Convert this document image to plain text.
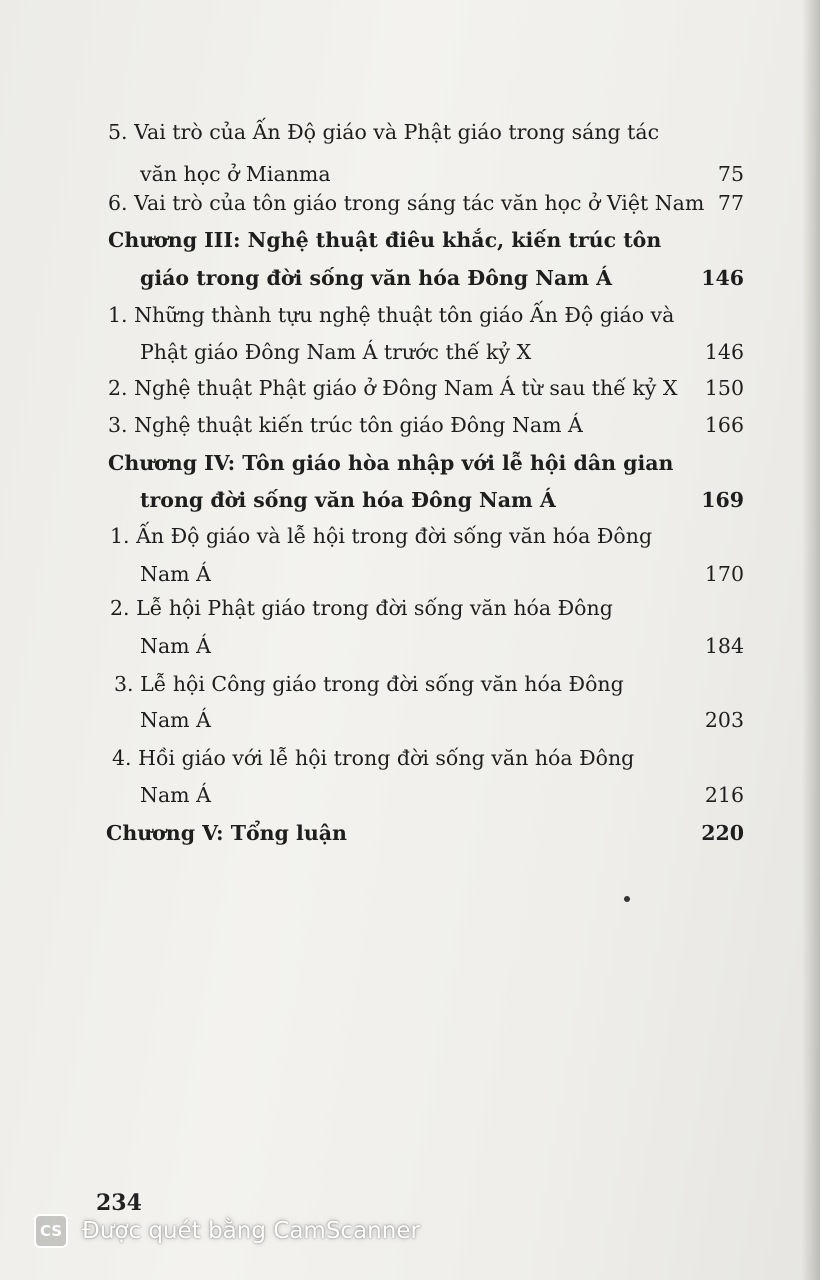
5. Vai trò của Ấn Độ giáo và Phật giáo trong sáng tác
văn học ở Mianma	75
6. Vai trò của tôn giáo trong sáng tác văn học ở Việt Nam 77
Chương III: Nghệ thuật điêu khắc, kiến trúc tôn
giáo trong đời sống văn hóa Đông Nam Á	146
1. Những thành tựu nghệ thuật tôn giáo Ấn Độ giáo và
Phật giáo Đông Nam Á trước thế kỷ X	146
2. Nghệ thuật Phật giáo ở Đông Nam Á từ sau thế kỷ X	150
3. Nghệ thuật kiến trúc tôn giáo Đông Nam Á	166
Chương IV: Tôn giáo hòa nhập với lễ hội dân gian
trong đời sống văn hóa Đông Nam Á	169
1. Ấn Độ giáo và lễ hội trong đời sống văn hóa Đông
Nam Á	170
2. Lễ hội Phật giáo trong đời sống văn hóa Đông
Nam Á	184
3. Lễ hội Công giáo trong đời sống văn hóa Đông
Nam Á	203
4. Hồi giáo với lễ hội trong đời sống văn hóa Đông
Nam Á	216
Chương V: Tổng luận	220
234
CS Được quét bằng CamScanner
